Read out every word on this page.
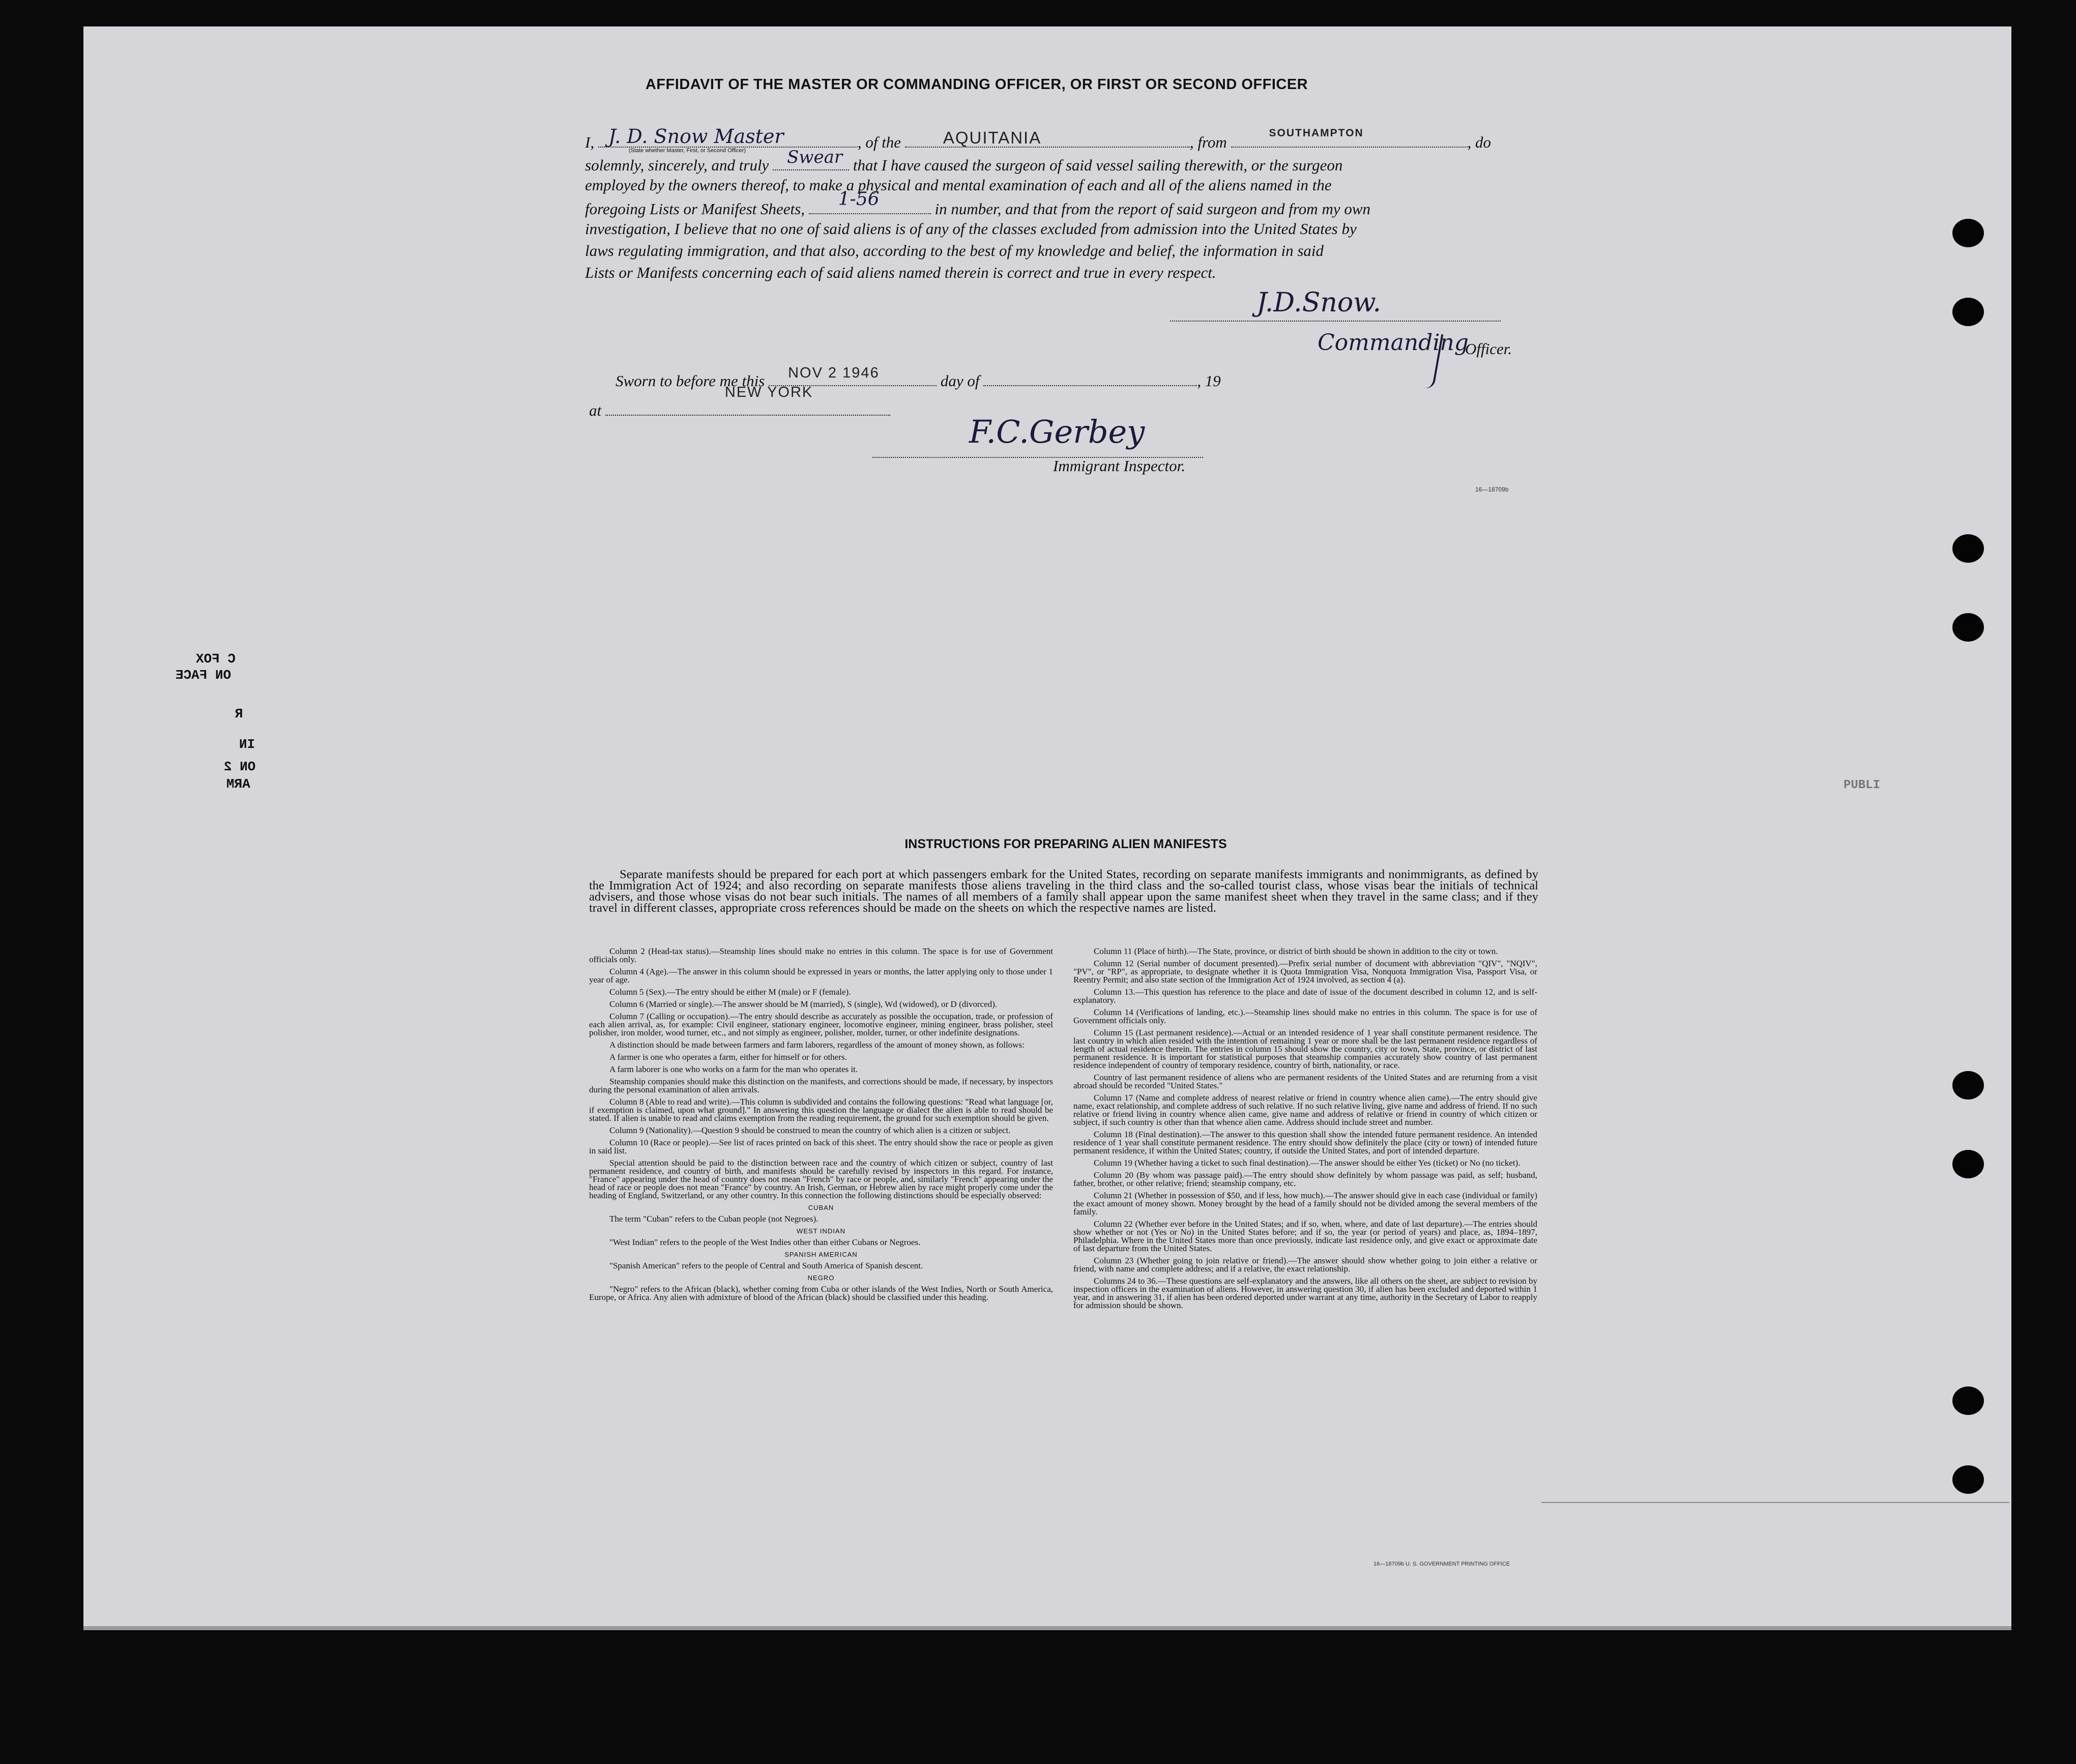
C FOX
ON FACE
R
IN
ON 2
ARM	PUBLI
AFFIDAVIT OF THE MASTER OR COMMANDING OFFICER, OR FIRST OR SECOND OFFICER
I, J. D. Snow Master
(State whether Master, First, or Second Officer)	, of the	AQUITANIA	, from
SOUTHAMPTON
, do
solemnly, sincerely, and truly Swear that I have caused the surgeon of said vessel sailing therewith, or the surgeon
employed by the owners thereof, to make a physical and mental examination of each and all of the aliens named in the
foregoing Lists or Manifest Sheets, 1-56	in number, and that from the report of said surgeon and from my own
investigation, I believe that no one of said aliens is of any of the classes excluded from admission into the United States by
laws regulating immigration, and that also, according to the best of my knowledge and belief, the information in said
Lists or Manifests concerning each of said aliens named therein is correct and true in every respect.
J.D.Snow.
Commanding
Officer.
Sworn to before me this NOV 2 1946	day of	, 19
at
NEW YORK
F.C.Gerbey
Immigrant Inspector.
16—18709b
INSTRUCTIONS FOR PREPARING ALIEN MANIFESTS
Separate manifests should be prepared for each port at which passengers embark for the United States, recording on separate manifests immigrants and nonimmigrants, as defined by the Immigration Act of 1924; and also recording on separate manifests those aliens traveling in the third class and the so-called tourist class, whose visas bear the initials of technical advisers, and those whose visas do not bear such initials. The names of all members of a family shall appear upon the same manifest sheet when they travel in the same class; and if they travel in different classes, appropriate cross references should be made on the sheets on which the respective names are listed.

Column 2 (Head-tax status).—Steamship lines should make no entries in this column. The space is for use of Government officials only.

Column 4 (Age).—The answer in this column should be expressed in years or months, the latter applying only to those under 1 year of age.

Column 5 (Sex).—The entry should be either M (male) or F (female).

Column 6 (Married or single).—The answer should be M (married), S (single), Wd (widowed), or D (divorced).

Column 7 (Calling or occupation).—The entry should describe as accurately as possible the occupation, trade, or profession of each alien arrival, as, for example: Civil engineer, stationary engineer, locomotive engineer, mining engineer, brass polisher, steel polisher, iron molder, wood turner, etc., and not simply as engineer, polisher, molder, turner, or other indefinite designations.

A distinction should be made between farmers and farm laborers, regardless of the amount of money shown, as follows:

A farmer is one who operates a farm, either for himself or for others.

A farm laborer is one who works on a farm for the man who operates it.

Steamship companies should make this distinction on the manifests, and corrections should be made, if necessary, by inspectors during the personal examination of alien arrivals.

Column 8 (Able to read and write).—This column is subdivided and contains the following questions: "Read what language [or, if exemption is claimed, upon what ground]." In answering this question the language or dialect the alien is able to read should be stated. If alien is unable to read and claims exemption from the reading requirement, the ground for such exemption should be given.

Column 9 (Nationality).—Question 9 should be construed to mean the country of which alien is a citizen or subject.

Column 10 (Race or people).—See list of races printed on back of this sheet. The entry should show the race or people as given in said list.

Special attention should be paid to the distinction between race and the country of which citizen or subject, country of last permanent residence, and country of birth, and manifests should be carefully revised by inspectors in this regard. For instance, "France" appearing under the head of country does not mean "French" by race or people, and, similarly "French" appearing under the head of race or people does not mean "France" by country. An Irish, German, or Hebrew alien by race might properly come under the heading of England, Switzerland, or any other country. In this connection the following distinctions should be especially observed:

CUBAN

The term "Cuban" refers to the Cuban people (not Negroes).

WEST INDIAN

"West Indian" refers to the people of the West Indies other than either Cubans or Negroes.

SPANISH AMERICAN

"Spanish American" refers to the people of Central and South America of Spanish descent.

NEGRO

"Negro" refers to the African (black), whether coming from Cuba or other islands of the West Indies, North or South America, Europe, or Africa. Any alien with admixture of blood of the African (black) should be classified under this heading.

Column 11 (Place of birth).—The State, province, or district of birth should be shown in addition to the city or town.

Column 12 (Serial number of document presented).—Prefix serial number of document with abbreviation "QIV", "NQIV", "PV", or "RP", as appropriate, to designate whether it is Quota Immigration Visa, Nonquota Immigration Visa, Passport Visa, or Reentry Permit; and also state section of the Immigration Act of 1924 involved, as section 4 (a).

Column 13.—This question has reference to the place and date of issue of the document described in column 12, and is self-explanatory.

Column 14 (Verifications of landing, etc.).—Steamship lines should make no entries in this column. The space is for use of Government officials only.

Column 15 (Last permanent residence).—Actual or an intended residence of 1 year shall constitute permanent residence. The last country in which alien resided with the intention of remaining 1 year or more shall be the last permanent residence regardless of length of actual residence therein. The entries in column 15 should show the country, city or town, State, province, or district of last permanent residence. It is important for statistical purposes that steamship companies accurately show country of last permanent residence independent of country of temporary residence, country of birth, nationality, or race.

Country of last permanent residence of aliens who are permanent residents of the United States and are returning from a visit abroad should be recorded "United States."

Column 17 (Name and complete address of nearest relative or friend in country whence alien came).—The entry should give name, exact relationship, and complete address of such relative. If no such relative living, give name and address of friend. If no such relative or friend living in country whence alien came, give name and address of relative or friend in country of which citizen or subject, if such country is other than that whence alien came. Address should include street and number.

Column 18 (Final destination).—The answer to this question shall show the intended future permanent residence. An intended residence of 1 year shall constitute permanent residence. The entry should show definitely the place (city or town) of intended future permanent residence, if within the United States; country, if outside the United States, and port of intended departure.

Column 19 (Whether having a ticket to such final destination).—The answer should be either Yes (ticket) or No (no ticket).

Column 20 (By whom was passage paid).—The entry should show definitely by whom passage was paid, as self; husband, father, brother, or other relative; friend; steamship company, etc.

Column 21 (Whether in possession of $50, and if less, how much).—The answer should give in each case (individual or family) the exact amount of money shown. Money brought by the head of a family should not be divided among the several members of the family.

Column 22 (Whether ever before in the United States; and if so, when, where, and date of last departure).—The entries should show whether or not (Yes or No) in the United States before; and if so, the year (or period of years) and place, as, 1894–1897, Philadelphia. Where in the United States more than once previously, indicate last residence only, and give exact or approximate date of last departure from the United States.

Column 23 (Whether going to join relative or friend).—The answer should show whether going to join either a relative or friend, with name and complete address; and if a relative, the exact relationship.

Columns 24 to 36.—These questions are self-explanatory and the answers, like all others on the sheet, are subject to revision by inspection officers in the examination of aliens. However, in answering question 30, if alien has been excluded and deported within 1 year, and in answering 31, if alien has been ordered deported under warrant at any time, authority in the Secretary of Labor to reapply for admission should be shown.

16—18709b U. S. GOVERNMENT PRINTING OFFICE
